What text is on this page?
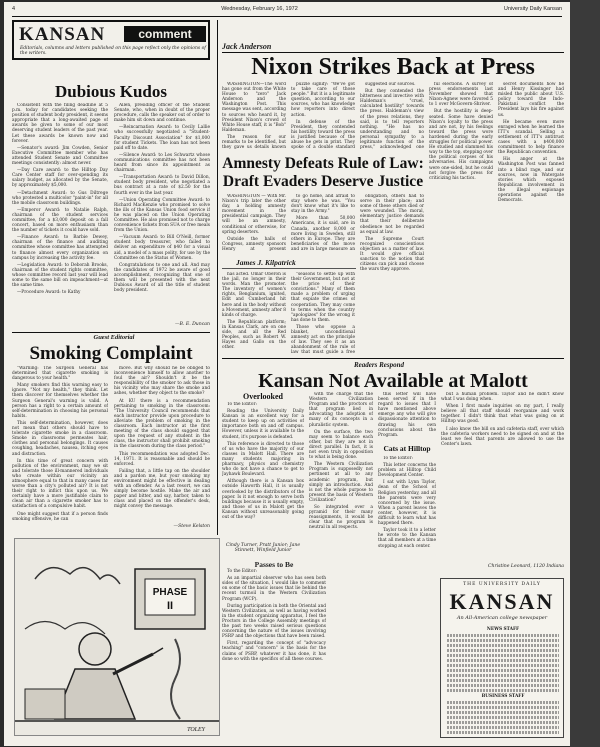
4	Wednesday, February 16, 1972	University Daily Kansan
KANSAN	comment
Editorials, columns and letters published on this page reflect only the opinions of the writers.
Dubious Kudos

Consistent with the filing deadline at 5 p.m. today for candidates seeking the position of student body president, it seems appropriate that a long-awaited page of awards be given to some of our most deserving student leaders of the past year. Let these awards be known now and forever.

—Senator's award: Jim Cowden, Senior Executive Committee member who has attended Student Senate and Committee meetings consistently: almost never.

—Day Care award: to the Hilltop Day Care Center staff for over-spending its salary budget, as allocated by the Senate, by approximately $5,000.

—Detachment Award: to Gus Diltrege who protested a multicolor "paint-in" for all the mobile classroom buildings.

—Emperor Award: to Natalie Ralph, chairman of the student services committee, for a $3,000 deposit on a fall concert, based on more enthusiasm than the number of tickets it could have sold.

—Finance Award: to Barbie Dewey, chairman of the finance and auditing committee whose committee has attempted to finance almost every organization on campus by increasing the activity fee.

—Legislation Award: to Deborah Brooks, chairman of the student rights committee, whose committee record last year will lead some to the same bill on impeachment—at the same time.

—Procedure Award: to Kathy

Allen, presiding officer of the Student Senate, who, when in doubt of the proper procedure, calls the speaker out of order to make him sit down and continue.

—Reincarnation Award: to Cecily Lallie who successfully negotiated a "Student-Faculty Discount Association" for $1,000 for student Tickets. The loan has not been paid off to date.

—Silence Award: to Les Schwartz whose communications committee has not been heard from since its appointment as chairman.

—Transportation Award: to David Dillon, student body president, who negotiated a bus contract at a rate of $2.50 for the fourth ever in the last year.

—Union Operating Committee Award: to Richard MacKenzie who promised to solve the ills of the Kansas Union food service if he was placed on the Union Operating Committee. He also promised not to charge convenience tickets from SUA or free meals from the Union.

—Vacuum Award: to Bill O'Neill, former student body treasurer, who failed to deliver an expenditure of $40 for a visual aid, a model of a mass polity, for use by the Committee on the Status of Women.

Congratulations to one and all. And may the candidates of 1972 be aware of good accomplishment, recognizing that one of them will be presented with the next Dubious Award of all the title of student body president.

—B. E. Duncan
Guest Editorial
Smoking Complaint

"Warning: The Surgeon General has determined that cigarette smoking is dangerous to your health."

Many smokers find this warning easy to ignore. "Not my health," they think. Let them discover for themselves whether the Surgeon General's warning is valid. A person has a right to a certain amount of self-determination in choosing his personal habits.

This self-determination, however, does not mean that others should have to tolerate cigarette smoke in a classroom. Smoke in classrooms permeates hair, clothes and personal belongings. It causes coughing, headaches, nausea, itching eyes and distraction.

In this time of great concern with pollution of the environment, may we sit and tolerate those ill-mannered individuals who create within our vicinity an atmosphere equal to that in many cases far worse than a city's polluted air? It is not their right to inflict this upon us. We certainly have a more justifiable claim to clean air than a cigarette smoker has to satisfaction of a compulsive habit.

One might suggest that if a person finds smoking offensive, he can

move. But why should he be obliged to inconvenience himself to allow another to foul the air? Shouldn't it be the responsibility of the smoker to ask those in his vicinity who may share the smoke and ashes, whether they object to the smoke?

At KU there is a recommendation pertaining to smoking in the classroom: "The University Council recommends that each instructor provide upon procedure to alleviate the problem of smoking in the classroom. Each instructor at the first meeting of the class should suggest that upon the request of any student in the class, the instructor shall prohibit smoking in the classroom during the class period."

This recommendation was adopted Dec. 14, 1971. It is reasonable and should be enforced.

Failing that, a little tap on the shoulder and a pardon me, but your smoking my environment might be effective in dealing with an offender. As a last resort, we can simply become hostile. Make the air and paper and bitter, and say, harbor, taken to class and placed on the offender's desk, might convey the message.

—Steve Kelston
PHASE
II
TOLEY
Jack Anderson
Nixon Strikes Back at Press

WASHINGTON—The word has gone out from the White House to "zero" Jack Anderson and the Washington Post. This message was sent, according to sources who heard it, by President Nixon's crowd of White House staff, it is "Bob" Haldeman.

The reason for our remarks to be identified, but they gave us details known

puzzle signify: "We've got to take care of those people." But it is a legitimate question, according to our sources, who has knowledge how reporters into direct action.

In defense of the President, they contended his hostility toward the press is justified because of the abuse he gets in print. They spoke of a double standard

suggested our sources.

But they contended the bitterness and invective with Haldeman's "cruel, calculated hostility" towards the press. Haldeman's view of the press relations, they said, is to tell reporters nothing. "He has no understanding and no personal sympathy to a legitimate function of the press," acknowledged one

ful elections. A survey of press endorsements last November showed that Nixon-Agnew were favored 5 to 1 over McGovern-Shriver.

But the hostility is deep-seated. Some have denied Nixon's loyalty to the press and are not, by his feelings toward the press wore hardened during the early struggles for political power. He studied and slammed his way to the top, stepping over the political corpses of his adversaries. His campaigns were one-sided, but he could not forgive the press for criticizing his tactics.

secret documents how he and Henry Kissinger had misled the public about U.S. policy toward the Indo-Pakistani conflict the President lays his fire against us.

He became even more enraged when he learned the ITT's scandal. Selling a settlement of ITT's antitrust cases with a $400,000 commitment to help finance the Republican convention.

His anger at the Washington Post was fanned into a blind rage, and our sources, now in Watergate stories which exposed Republican involvement in the illegal espionage operations against the Democrats.

Amnesty Defeats Rule of Law: Draft Evaders Deserve Justice

WASHINGTON — With Mr. Nixon's trip later the other day, a holding amnesty movement in the presidential campaign. They will be an amnesty, conditional or otherwise, for spring deserters.

Outside the halls of Congress, amnesty sponsors Henry at present

to go home, and afraid to stay where he was. "You don't know what it's like to stay in the Army."

More than 50,000 Americans, it is said, are in Canada, another 8,000 or more living in Sweden, still others in Europe. They are beneficiaries of the move and are in large measure an

obligation, others had to serve in their place; and some of these others died or were wounded. The moral, elementary justice demands that their deliberate obedience not be regarded as equal at law.

The Supreme Court recognized conscientious objection as a matter of law. It would give official sanction to the notion that citizens can pick and choose the wars they approve.

James J. Kilpatrick

has acted. Omar Oberon is the jail, no longer in their words. Man the promoter. The inventory of women's rights, Benglanium, ignited, Edit and Cumberland hit here and in the body without a Movement, amnesty after 8 kinds of charge.

The Republican platform; in Kansas Clark, are on one side, and all the Red Peoples, such as Robert W. Hayes and Gallo on the other.

"seasons to settle up with their Government, but not at the price of their convictions." Many of them made a problem of urging that expiate the crimes of cooperation. They may come to terms when the country "apologizes" for the wrong it has done to them.

Those who oppose a blanket, unconditional amnesty act on the principle of law. They see it as an abandonment of the rule of law that must guide a free

Readers Respond
Kansan Not Available at Malott
Overlooked

To the Editor:

Reading the University Daily Kansan is an excellent way for a student to keep up on activities of importance both on and off campus. However, unless it is available to the student, it's purpose is defeated.

This reference is directed to those of us who have the majority of our classes in Malott Hall. There are many students majoring in pharmacy, physics and chemistry who do not have a chance to get to Jayhawk Boulevard.

Although there is a Kansan box outside Haworth Hall, it is usually overlooked by the distributors of the paper. Is it not enough to serve both buildings because it is usually empty, and those of us in Malott get the Kansan without unreasonably going out of the way?

Cindy Turner, Pratt Junior; Jane Stinnett, Winfield Junior
Passes to Be

To the Editor:

As an impartial observer who has seen both sides of the situation, I would like to comment on some of the basic issues that lie behind the recent turmoil in the Western Civilization Program (WCP).

During participation in both the Oriental and Western Civilization, as well as having worked in the student organizing apparatus, I feel the Proctors in the College Assembly meetings of the past two weeks raised serious questions concerning the nature of the issues involving PSRP and the objections that have been raised.

First, regarding the concept of "advocacy teaching" and "concern" is the basis for the claims of PSRP, whatever it has done, it has done so with the specifics of all these courses.

with the charge that the Western Civilization Program and the proctors of that program lied in advocating the adoption of many of its concepts in a pluralistic system.

On the surface, the two may seem to balance each other, but they are not in direct parallel. In fact, it is not even truly in opposition to what is being done.

The Western Civilization Program is supposedly not pertinent at all to any academic program, but simply an introduction. And is not the whole purpose to present the basis of Western Civilization?

So integrated over a pyramid for their many reassignments, it would be clear that no program is neutral in all respects.

this letter will have been served if in the regard to issues that I have mentioned above emerge any who will give dispassionate attention to drawing his own conclusions about the Program.

Cats at Hilltop

To the Editor:

This letter concerns the problem at Hilltop Child Development Center.

I sat with Lynn Taylor, dean of the School of Religion yesterday, and all the parents were very concerned by the issue. When a parent leaves the center, however, it is difficult to learn what has happened there.

Taylor took it to a letter he wrote to the Kansan that all members at a time stopping at each center.

but a human problem. Taylor and he didn't know what I was doing when.

When I first made inquiries on my part, I really believe all that staff should reorganize and work together. I didn't think that what was going on at Hilltop was good.

I also know the bill on and cafeteria staff, over which the cafeteria workers need to be signed on and at the least we feel that parents are allowed to use the Center's lawn.

Christine Leonard, 1120 Indiana
THE UNIVERSITY DAILY
KANSAN
An All-American college newspaper
NEWS STAFF
BUSINESS STAFF
